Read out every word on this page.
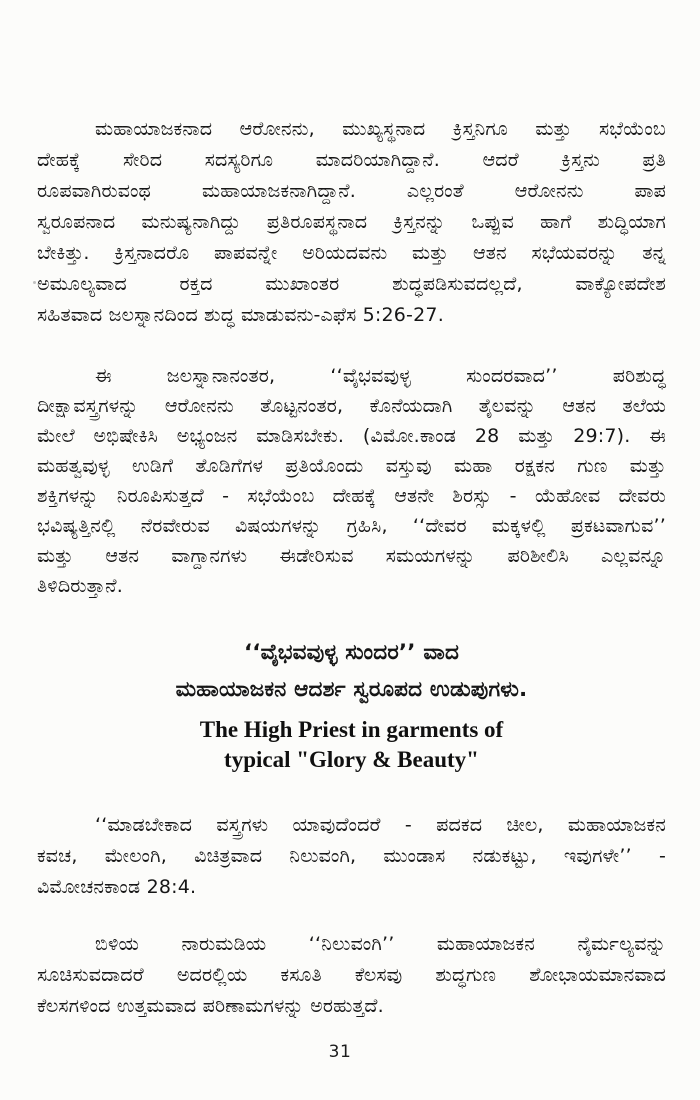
ಮಹಾಯಾಜಕನಾದ ಆರೋನನು, ಮುಖ್ಯಸ್ಥನಾದ ಕ್ರಿಸ್ತನಿಗೂ ಮತ್ತು ಸಭೆಯೆಂಬ
ದೇಹಕ್ಕೆ ಸೇರಿದ ಸದಸ್ಯರಿಗೂ ಮಾದರಿಯಾಗಿದ್ದಾನೆ. ಆದರೆ ಕ್ರಿಸ್ತನು ಪ್ರತಿ
ರೂಪವಾಗಿರುವಂಥ ಮಹಾಯಾಜಕನಾಗಿದ್ದಾನೆ. ಎಲ್ಲರಂತೆ ಆರೋನನು ಪಾಪ
ಸ್ವರೂಪನಾದ ಮನುಷ್ಯನಾಗಿದ್ದು ಪ್ರತಿರೂಪಸ್ಥನಾದ ಕ್ರಿಸ್ತನನ್ನು ಒಪ್ಪುವ ಹಾಗೆ ಶುದ್ಧಿಯಾಗ
ಬೇಕಿತ್ತು. ಕ್ರಿಸ್ತನಾದರೊ ಪಾಪವನ್ನೇ ಅರಿಯದವನು ಮತ್ತು ಆತನ ಸಭೆಯವರನ್ನು ತನ್ನ
ಅಮೂಲ್ಯವಾದ ರಕ್ತದ ಮುಖಾಂತರ ಶುದ್ಧಪಡಿಸುವದಲ್ಲದೆ, ವಾಕ್ಯೋಪದೇಶ
ಸಹಿತವಾದ ಜಲಸ್ನಾನದಿಂದ ಶುದ್ಧ ಮಾಡುವನು-ಎಫೆಸ 5:26-27.
ಈ ಜಲಸ್ನಾನಾನಂತರ, ‘‘ವೈಭವವುಳ್ಳ ಸುಂದರವಾದ’’ ಪರಿಶುದ್ಧ
ದೀಕ್ಷಾವಸ್ತ್ರಗಳನ್ನು ಆರೋನನು ತೊಟ್ಟನಂತರ, ಕೊನೆಯದಾಗಿ ತೈಲವನ್ನು ಆತನ ತಲೆಯ
ಮೇಲೆ ಅಭಿಷೇಕಿಸಿ ಅಭ್ಯಂಜನ ಮಾಡಿಸಬೇಕು. (ವಿಮೋ.ಕಾಂಡ 28 ಮತ್ತು 29:7). ಈ
ಮಹತ್ವವುಳ್ಳ ಉಡಿಗೆ ತೊಡಿಗೆಗಳ ಪ್ರತಿಯೊಂದು ವಸ್ತುವು ಮಹಾ ರಕ್ಷಕನ ಗುಣ ಮತ್ತು
ಶಕ್ತಿಗಳನ್ನು ನಿರೂಪಿಸುತ್ತದೆ - ಸಭೆಯೆಂಬ ದೇಹಕ್ಕೆ ಆತನೇ ಶಿರಸ್ಸು - ಯೆಹೋವ ದೇವರು
ಭವಿಷ್ಯತ್ತಿನಲ್ಲಿ ನೆರವೇರುವ ವಿಷಯಗಳನ್ನು ಗ್ರಹಿಸಿ, ‘‘ದೇವರ ಮಕ್ಕಳಲ್ಲಿ ಪ್ರಕಟವಾಗುವ’’
ಮತ್ತು ಆತನ ವಾಗ್ದಾನಗಳು ಈಡೇರಿಸುವ ಸಮಯಗಳನ್ನು ಪರಿಶೀಲಿಸಿ ಎಲ್ಲವನ್ನೂ
ತಿಳಿದಿರುತ್ತಾನೆ.
‘‘ವೈಭವವುಳ್ಳ ಸುಂದರ’’ ವಾದ
ಮಹಾಯಾಜಕನ ಆದರ್ಶ ಸ್ವರೂಪದ ಉಡುಪುಗಳು.
The High Priest in garments of
typical "Glory & Beauty"
‘‘ಮಾಡಬೇಕಾದ ವಸ್ತ್ರಗಳು ಯಾವುದೆಂದರೆ - ಪದಕದ ಚೀಲ, ಮಹಾಯಾಜಕನ
ಕವಚ, ಮೇಲಂಗಿ, ವಿಚಿತ್ರವಾದ ನಿಲುವಂಗಿ, ಮುಂಡಾಸ ನಡುಕಟ್ಟು, ಇವುಗಳೇ’’ -
ವಿಮೋಚನಕಾಂಡ 28:4.
ಬಿಳಿಯ ನಾರುಮಡಿಯ ‘‘ನಿಲುವಂಗಿ’’ ಮಹಾಯಾಜಕನ ನೈರ್ಮಲ್ಯವನ್ನು
ಸೂಚಿಸುವದಾದರೆ ಅದರಲ್ಲಿಯ ಕಸೂತಿ ಕೆಲಸವು ಶುದ್ಧಗುಣ ಶೋಭಾಯಮಾನವಾದ
ಕೆಲಸಗಳಿಂದ ಉತ್ತಮವಾದ ಪರಿಣಾಮಗಳನ್ನು ಅರಹುತ್ತದೆ.
31
